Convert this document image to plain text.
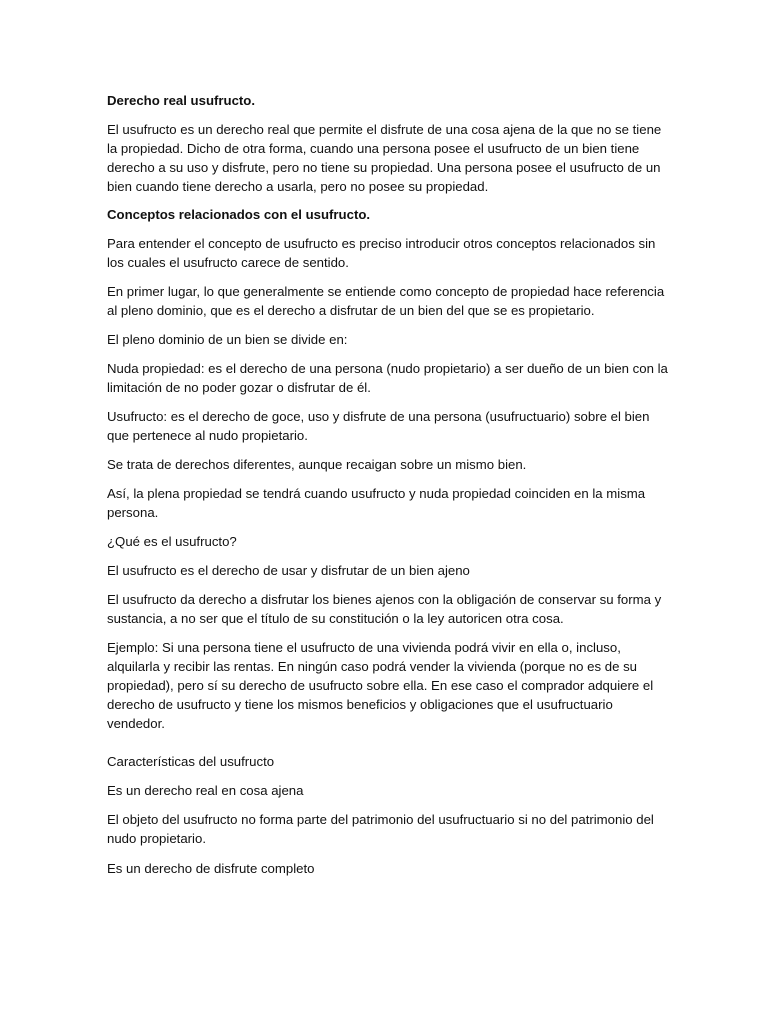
Derecho real usufructo.

El usufructo es un derecho real que permite el disfrute de una cosa ajena de la que no se tiene la propiedad. Dicho de otra forma, cuando una persona posee el usufructo de un bien tiene derecho a su uso y disfrute, pero no tiene su propiedad. Una persona posee el usufructo de un bien cuando tiene derecho a usarla, pero no posee su propiedad.

Conceptos relacionados con el usufructo.

Para entender el concepto de usufructo es preciso introducir otros conceptos relacionados sin los cuales el usufructo carece de sentido.

En primer lugar, lo que generalmente se entiende como concepto de propiedad hace referencia al pleno dominio, que es el derecho a disfrutar de un bien del que se es propietario.

El pleno dominio de un bien se divide en:

Nuda propiedad: es el derecho de una persona (nudo propietario) a ser dueño de un bien con la limitación de no poder gozar o disfrutar de él.

Usufructo: es el derecho de goce, uso y disfrute de una persona (usufructuario) sobre el bien que pertenece al nudo propietario.

Se trata de derechos diferentes, aunque recaigan sobre un mismo bien.

Así, la plena propiedad se tendrá cuando usufructo y nuda propiedad coinciden en la misma persona.

¿Qué es el usufructo?

El usufructo es el derecho de usar y disfrutar de un bien ajeno

El usufructo da derecho a disfrutar los bienes ajenos con la obligación de conservar su forma y sustancia, a no ser que el título de su constitución o la ley autoricen otra cosa.

Ejemplo: Si una persona tiene el usufructo de una vivienda podrá vivir en ella o, incluso, alquilarla y recibir las rentas. En ningún caso podrá vender la vivienda (porque no es de su propiedad), pero sí su derecho de usufructo sobre ella. En ese caso el comprador adquiere el derecho de usufructo y tiene los mismos beneficios y obligaciones que el usufructuario vendedor.

Características del usufructo

Es un derecho real en cosa ajena

El objeto del usufructo no forma parte del patrimonio del usufructuario si no del patrimonio del nudo propietario.

Es un derecho de disfrute completo
